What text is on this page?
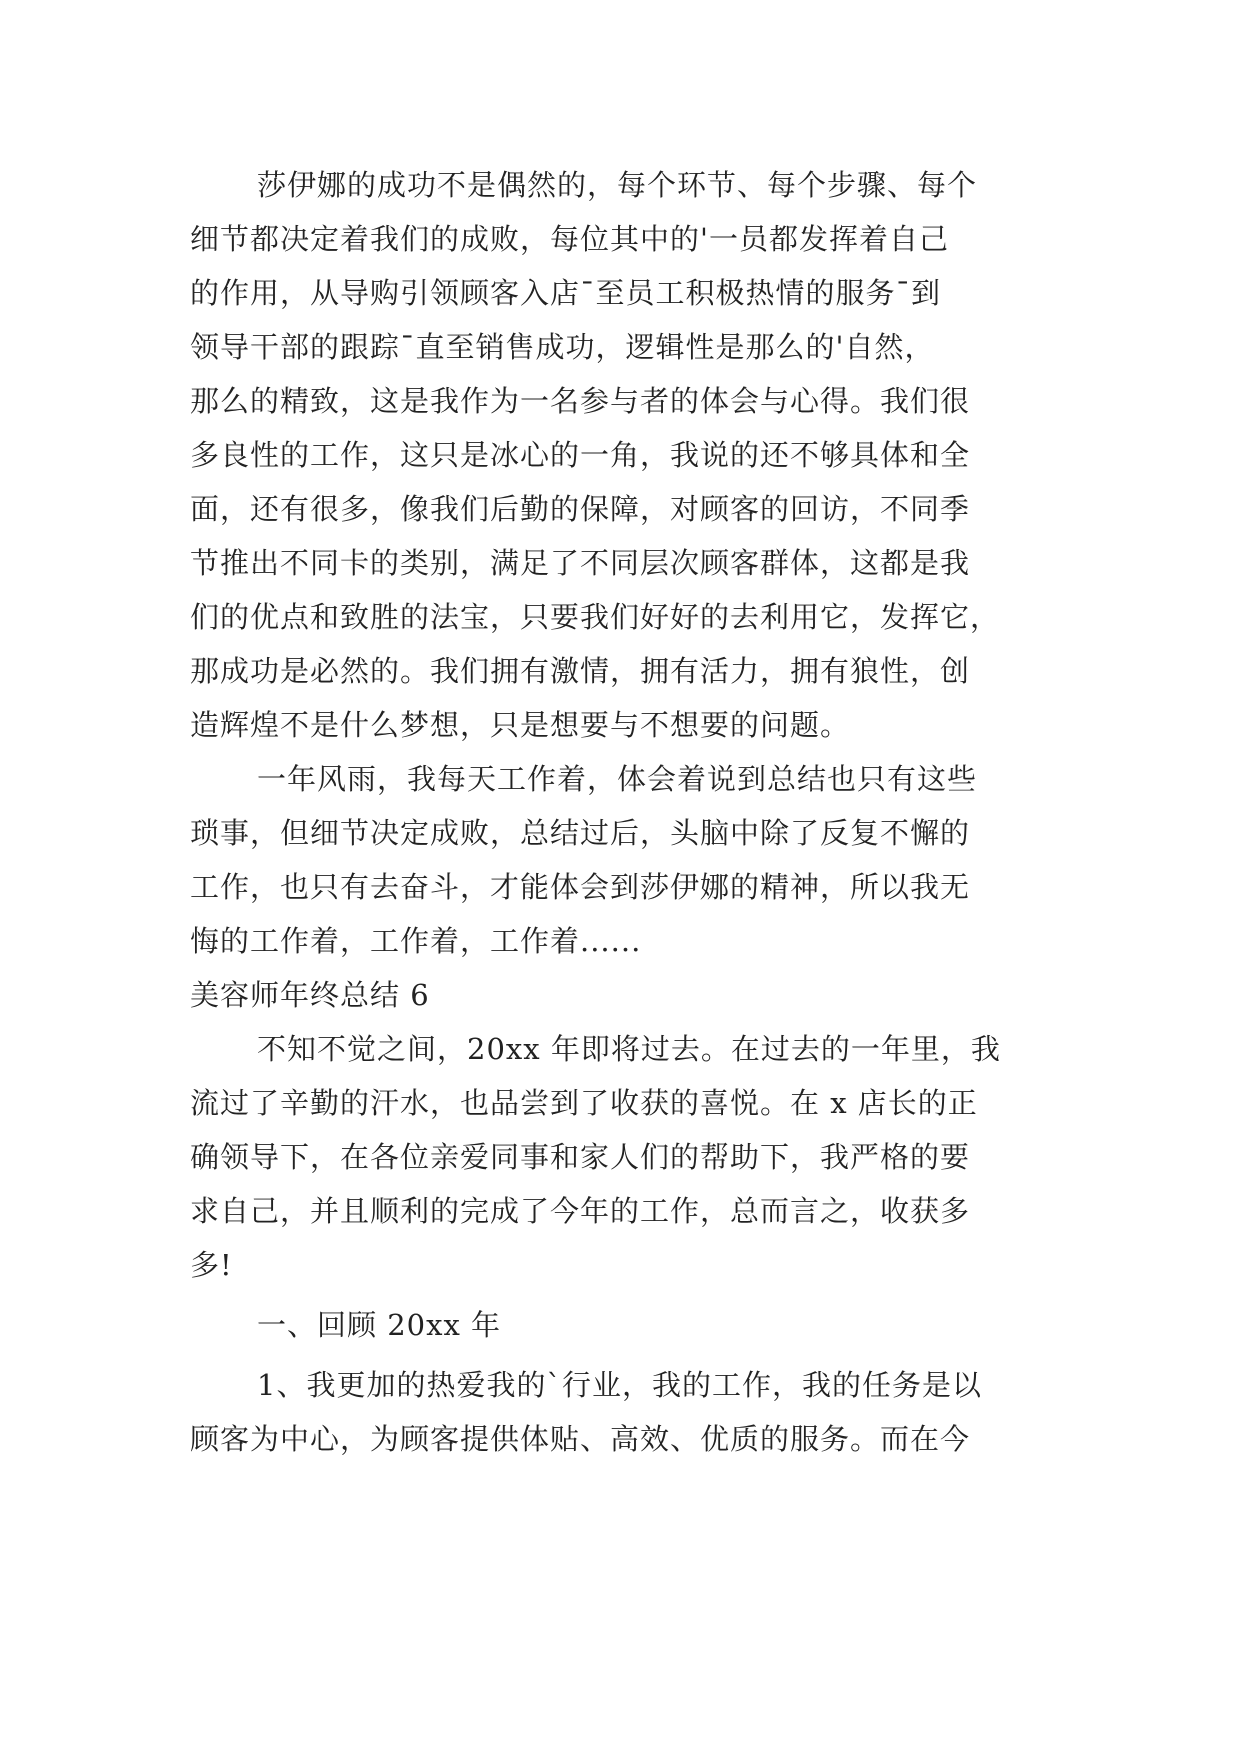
莎伊娜的成功不是偶然的，每个环节、每个步骤、每个
细节都决定着我们的成败，每位其中的'一员都发挥着自己
的作用，从导购引领顾客入店¯至员工积极热情的服务¯到
领导干部的跟踪¯直至销售成功，逻辑性是那么的'自然，
那么的精致，这是我作为一名参与者的体会与心得。我们很
多良性的工作，这只是冰心的一角，我说的还不够具体和全
面，还有很多，像我们后勤的保障，对顾客的回访，不同季
节推出不同卡的类别，满足了不同层次顾客群体，这都是我
们的优点和致胜的法宝，只要我们好好的去利用它，发挥它，
那成功是必然的。我们拥有激情，拥有活力，拥有狼性，创
造辉煌不是什么梦想，只是想要与不想要的问题。
一年风雨，我每天工作着，体会着说到总结也只有这些
琐事，但细节决定成败，总结过后，头脑中除了反复不懈的
工作，也只有去奋斗，才能体会到莎伊娜的精神，所以我无
悔的工作着，工作着，工作着......
美容师年终总结 6
不知不觉之间，20xx 年即将过去。在过去的一年里，我
流过了辛勤的汗水，也品尝到了收获的喜悦。在 x 店长的正
确领导下，在各位亲爱同事和家人们的帮助下，我严格的要
求自己，并且顺利的完成了今年的工作，总而言之，收获多
多!
一、回顾 20xx 年
1、我更加的热爱我的`行业，我的工作，我的任务是以
顾客为中心，为顾客提供体贴、高效、优质的服务。而在今
